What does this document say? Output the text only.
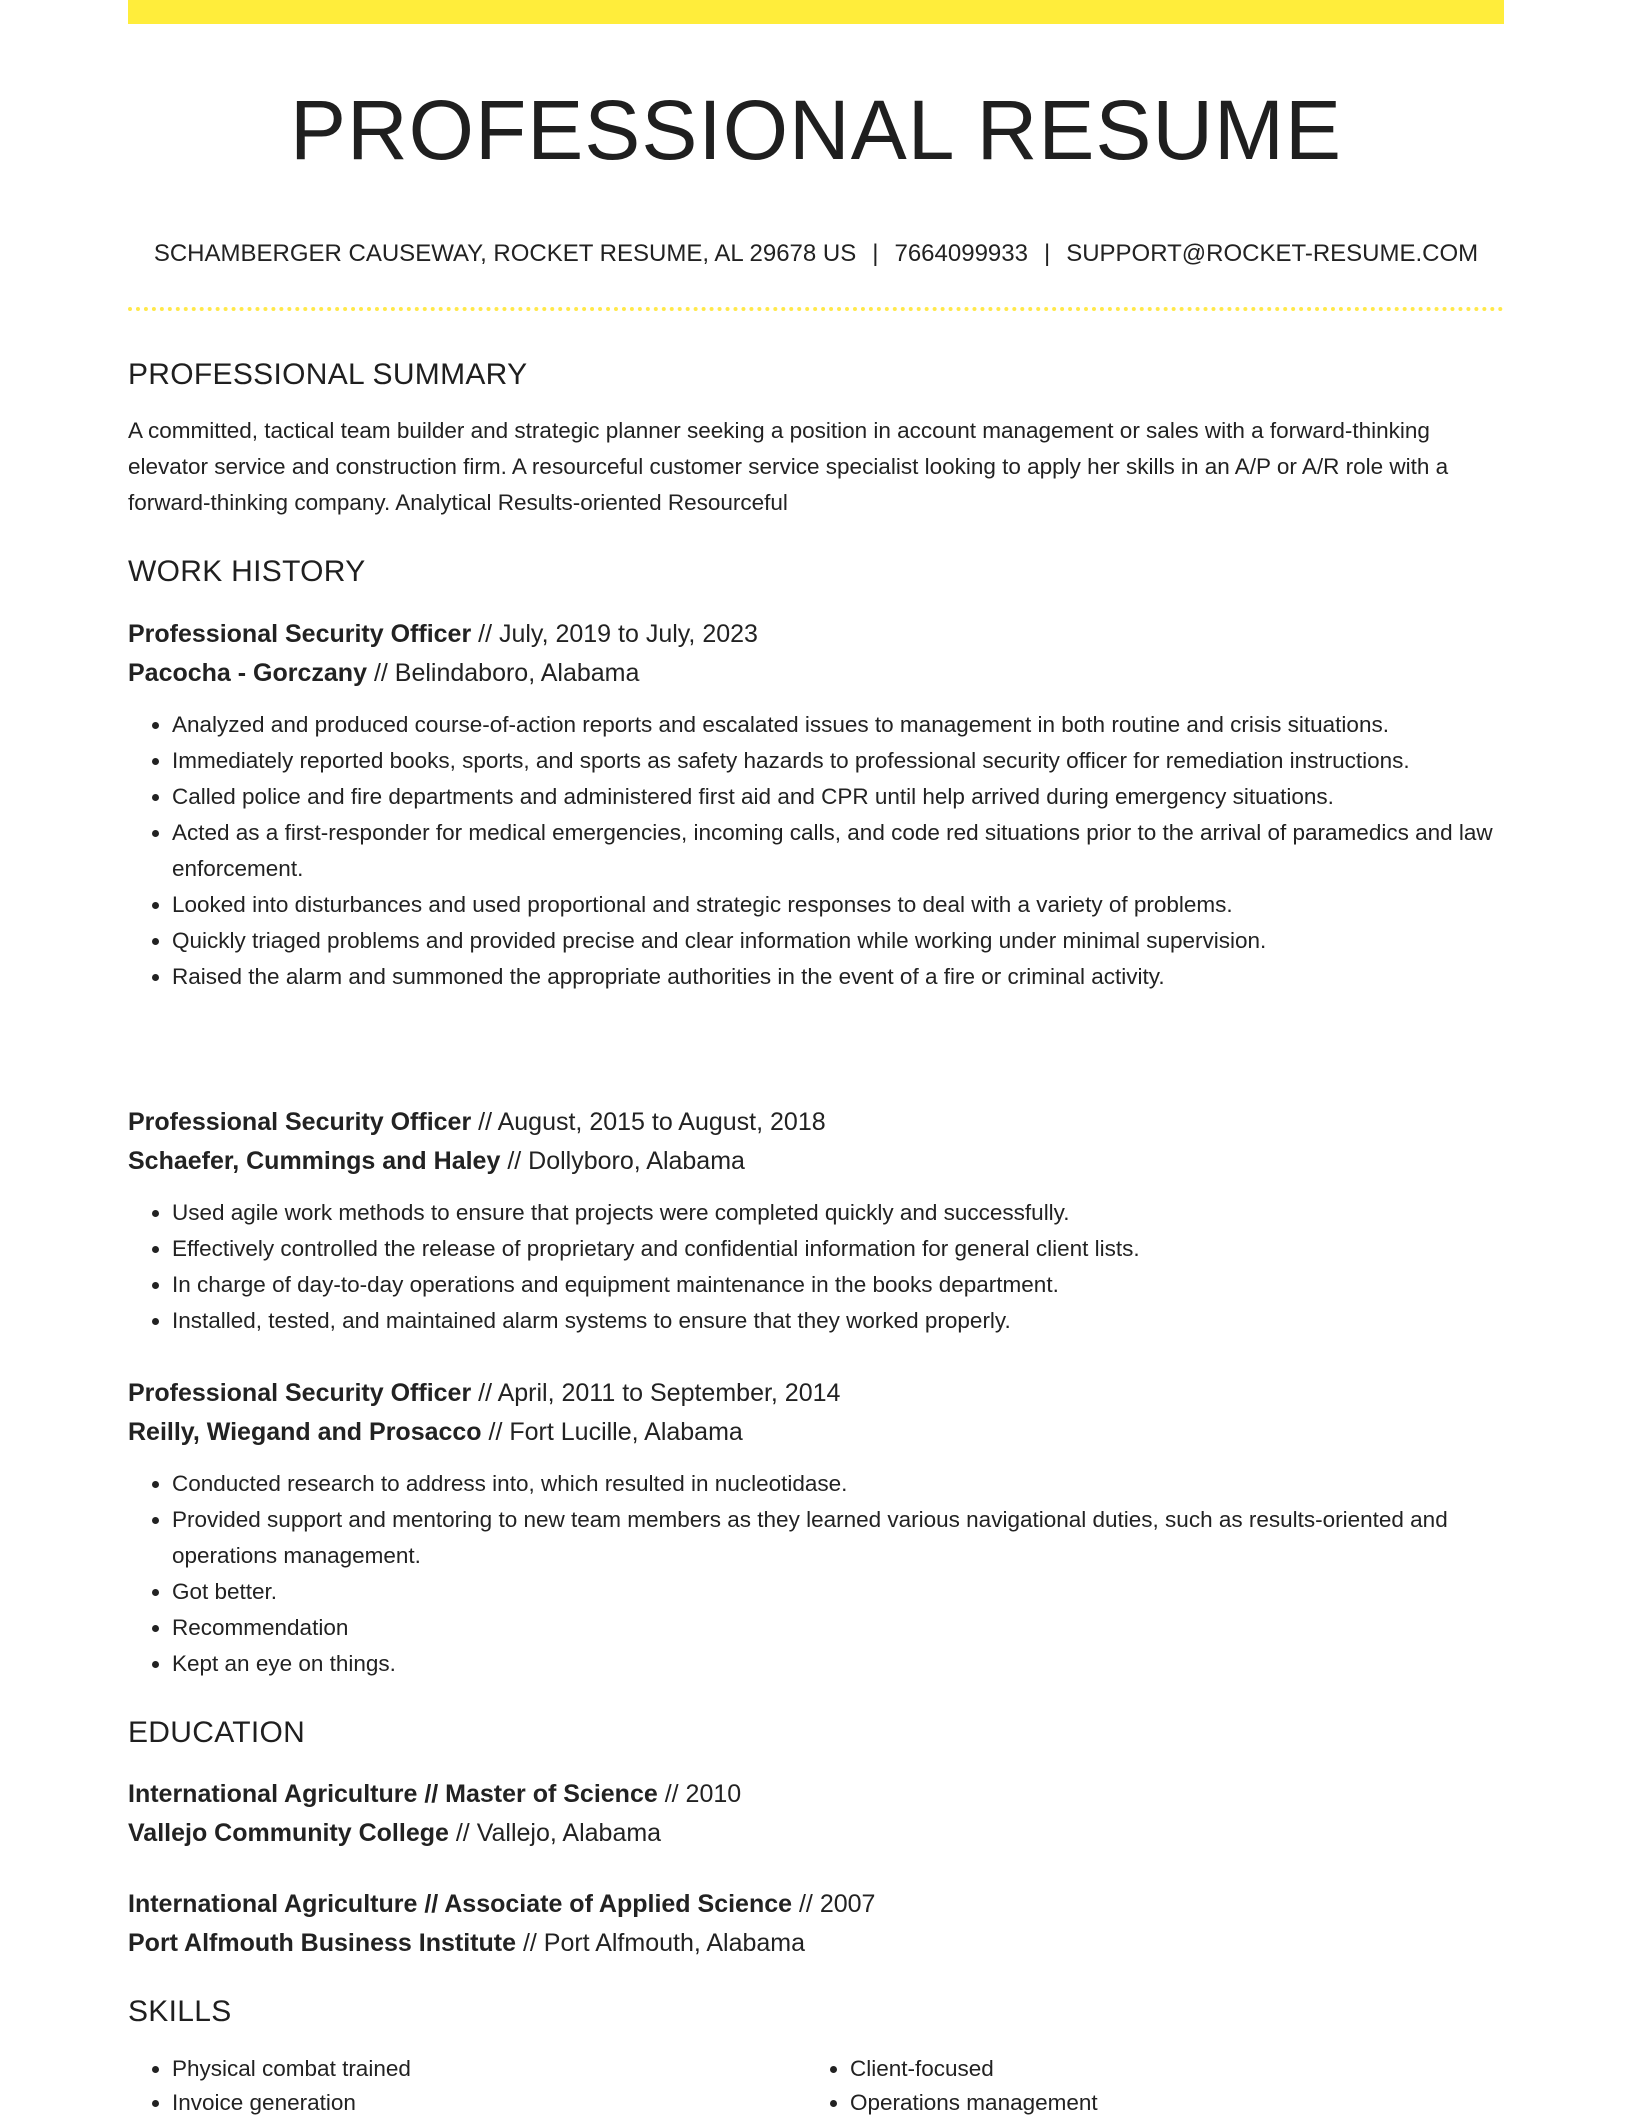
PROFESSIONAL RESUME
SCHAMBERGER CAUSEWAY, ROCKET RESUME, AL 29678 US | 7664099933 | SUPPORT@ROCKET-RESUME.COM
PROFESSIONAL SUMMARY

A committed, tactical team builder and strategic planner seeking a position in account management or sales with a forward-thinking elevator service and construction firm. A resourceful customer service specialist looking to apply her skills in an A/P or A/R role with a forward-thinking company. Analytical Results-oriented Resourceful

WORK HISTORY
Professional Security Officer // July, 2019 to July, 2023
Pacocha - Gorczany // Belindaboro, Alabama
• Analyzed and produced course-of-action reports and escalated issues to management in both routine and crisis situations.
• Immediately reported books, sports, and sports as safety hazards to professional security officer for remediation instructions.
• Called police and fire departments and administered first aid and CPR until help arrived during emergency situations.
• Acted as a first-responder for medical emergencies, incoming calls, and code red situations prior to the arrival of paramedics and law enforcement.
• Looked into disturbances and used proportional and strategic responses to deal with a variety of problems.
• Quickly triaged problems and provided precise and clear information while working under minimal supervision.
• Raised the alarm and summoned the appropriate authorities in the event of a fire or criminal activity.
Professional Security Officer // August, 2015 to August, 2018
Schaefer, Cummings and Haley // Dollyboro, Alabama
• Used agile work methods to ensure that projects were completed quickly and successfully.
• Effectively controlled the release of proprietary and confidential information for general client lists.
• In charge of day-to-day operations and equipment maintenance in the books department.
• Installed, tested, and maintained alarm systems to ensure that they worked properly.
Professional Security Officer // April, 2011 to September, 2014
Reilly, Wiegand and Prosacco // Fort Lucille, Alabama
• Conducted research to address into, which resulted in nucleotidase.
• Provided support and mentoring to new team members as they learned various navigational duties, such as results-oriented and operations management.
• Got better.
• Recommendation
• Kept an eye on things.
EDUCATION
International Agriculture // Master of Science // 2010
Vallejo Community College // Vallejo, Alabama
International Agriculture // Associate of Applied Science // 2007
Port Alfmouth Business Institute // Port Alfmouth, Alabama
SKILLS
• Physical combat trained
• Invoice generation
• Client-focused
• Operations management
